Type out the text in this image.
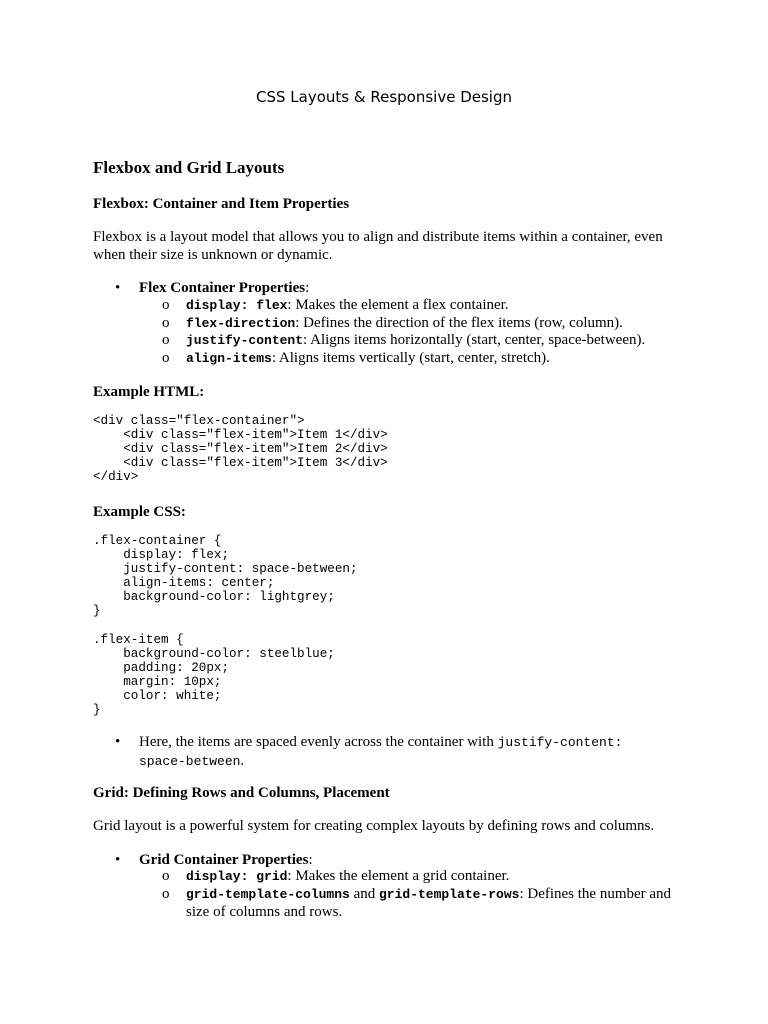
CSS Layouts & Responsive Design
Flexbox and Grid Layouts
Flexbox: Container and Item Properties
Flexbox is a layout model that allows you to align and distribute items within a container, even when their size is unknown or dynamic.
• Flex Container Properties:
o display: flex: Makes the element a flex container.
o flex-direction: Defines the direction of the flex items (row, column).
o justify-content: Aligns items horizontally (start, center, space-between).
o align-items: Aligns items vertically (start, center, stretch).
Example HTML:
<div class="flex-container">
<div class="flex-item">Item 1</div>
<div class="flex-item">Item 2</div>
<div class="flex-item">Item 3</div>
</div>
Example CSS:
.flex-container {
display: flex;
justify-content: space-between;
align-items: center;
background-color: lightgrey;
}

.flex-item {
background-color: steelblue;
padding: 20px;
margin: 10px;
color: white;
}
• Here, the items are spaced evenly across the container with justify-content: space-between.
Grid: Defining Rows and Columns, Placement
Grid layout is a powerful system for creating complex layouts by defining rows and columns.
• Grid Container Properties:
o display: grid: Makes the element a grid container.
o grid-template-columns and grid-template-rows: Defines the number and size of columns and rows.
